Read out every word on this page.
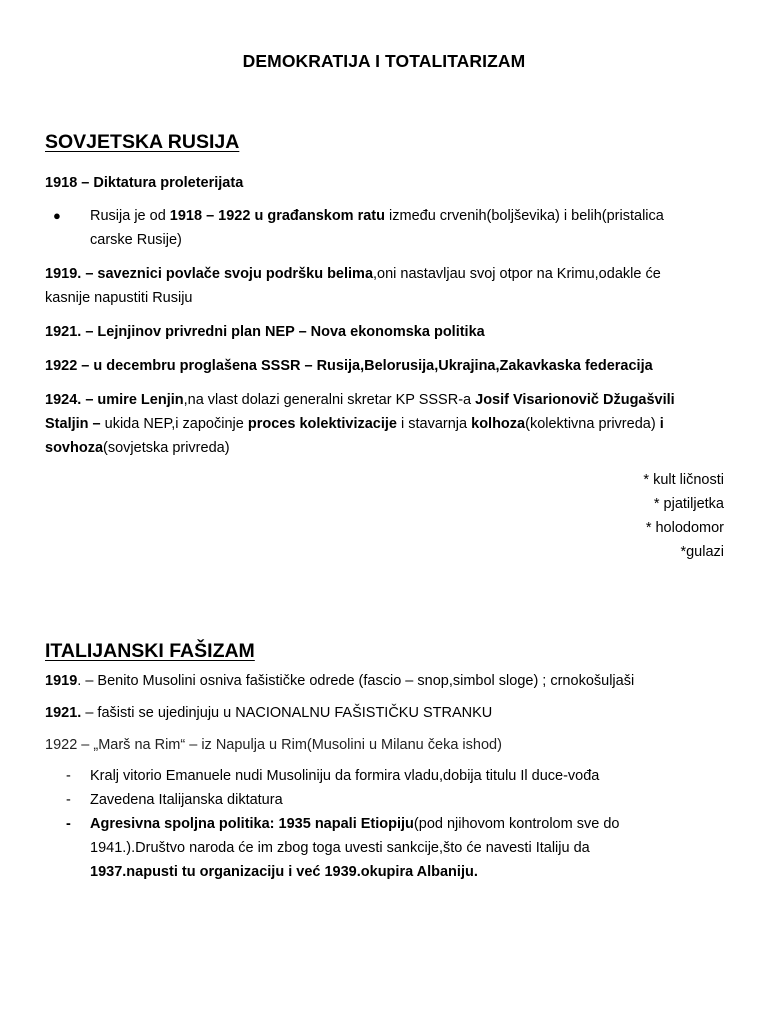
DEMOKRATIJA I TOTALITARIZAM
SOVJETSKA RUSIJA
1918 – Diktatura proleterijata
● Rusija je od 1918 – 1922 u građanskom ratu između crvenih(boljševika) i belih(pristalica
carske Rusije)
1919. – saveznici povlače svoju podršku belima,oni nastavljau svoj otpor na Krimu,odakle će
kasnije napustiti Rusiju
1921. – Lejnjinov privredni plan NEP – Nova ekonomska politika
1922 – u decembru proglašena SSSR – Rusija,Belorusija,Ukrajina,Zakavkaska federacija
1924. – umire Lenjin,na vlast dolazi generalni skretar KP SSSR-a Josif Visarionovič Džugašvili
Staljin – ukida NEP,i započinje proces kolektivizacije i stavarnja kolhoza(kolektivna privreda) i
sovhoza(sovjetska privreda)
* kult ličnosti
* pjatiljetka
* holodomor
*gulazi
ITALIJANSKI FAŠIZAM
1919. – Benito Musolini osniva fašističke odrede (fascio – snop,simbol sloge) ; crnokošuljaši
1921. – fašisti se ujedinjuju u NACIONALNU FAŠISTIČKU STRANKU
1922 – „Marš na Rim“ – iz Napulja u Rim(Musolini u Milanu čeka ishod)
- Kralj vitorio Emanuele nudi Musoliniju da formira vladu,dobija titulu Il duce-vođa
- Zavedena Italijanska diktatura
- Agresivna spoljna politika: 1935 napali Etiopiju(pod njihovom kontrolom sve do
1941.).Društvo naroda će im zbog toga uvesti sankcije,što će navesti Italiju da
1937.napusti tu organizaciju i već 1939.okupira Albaniju.
